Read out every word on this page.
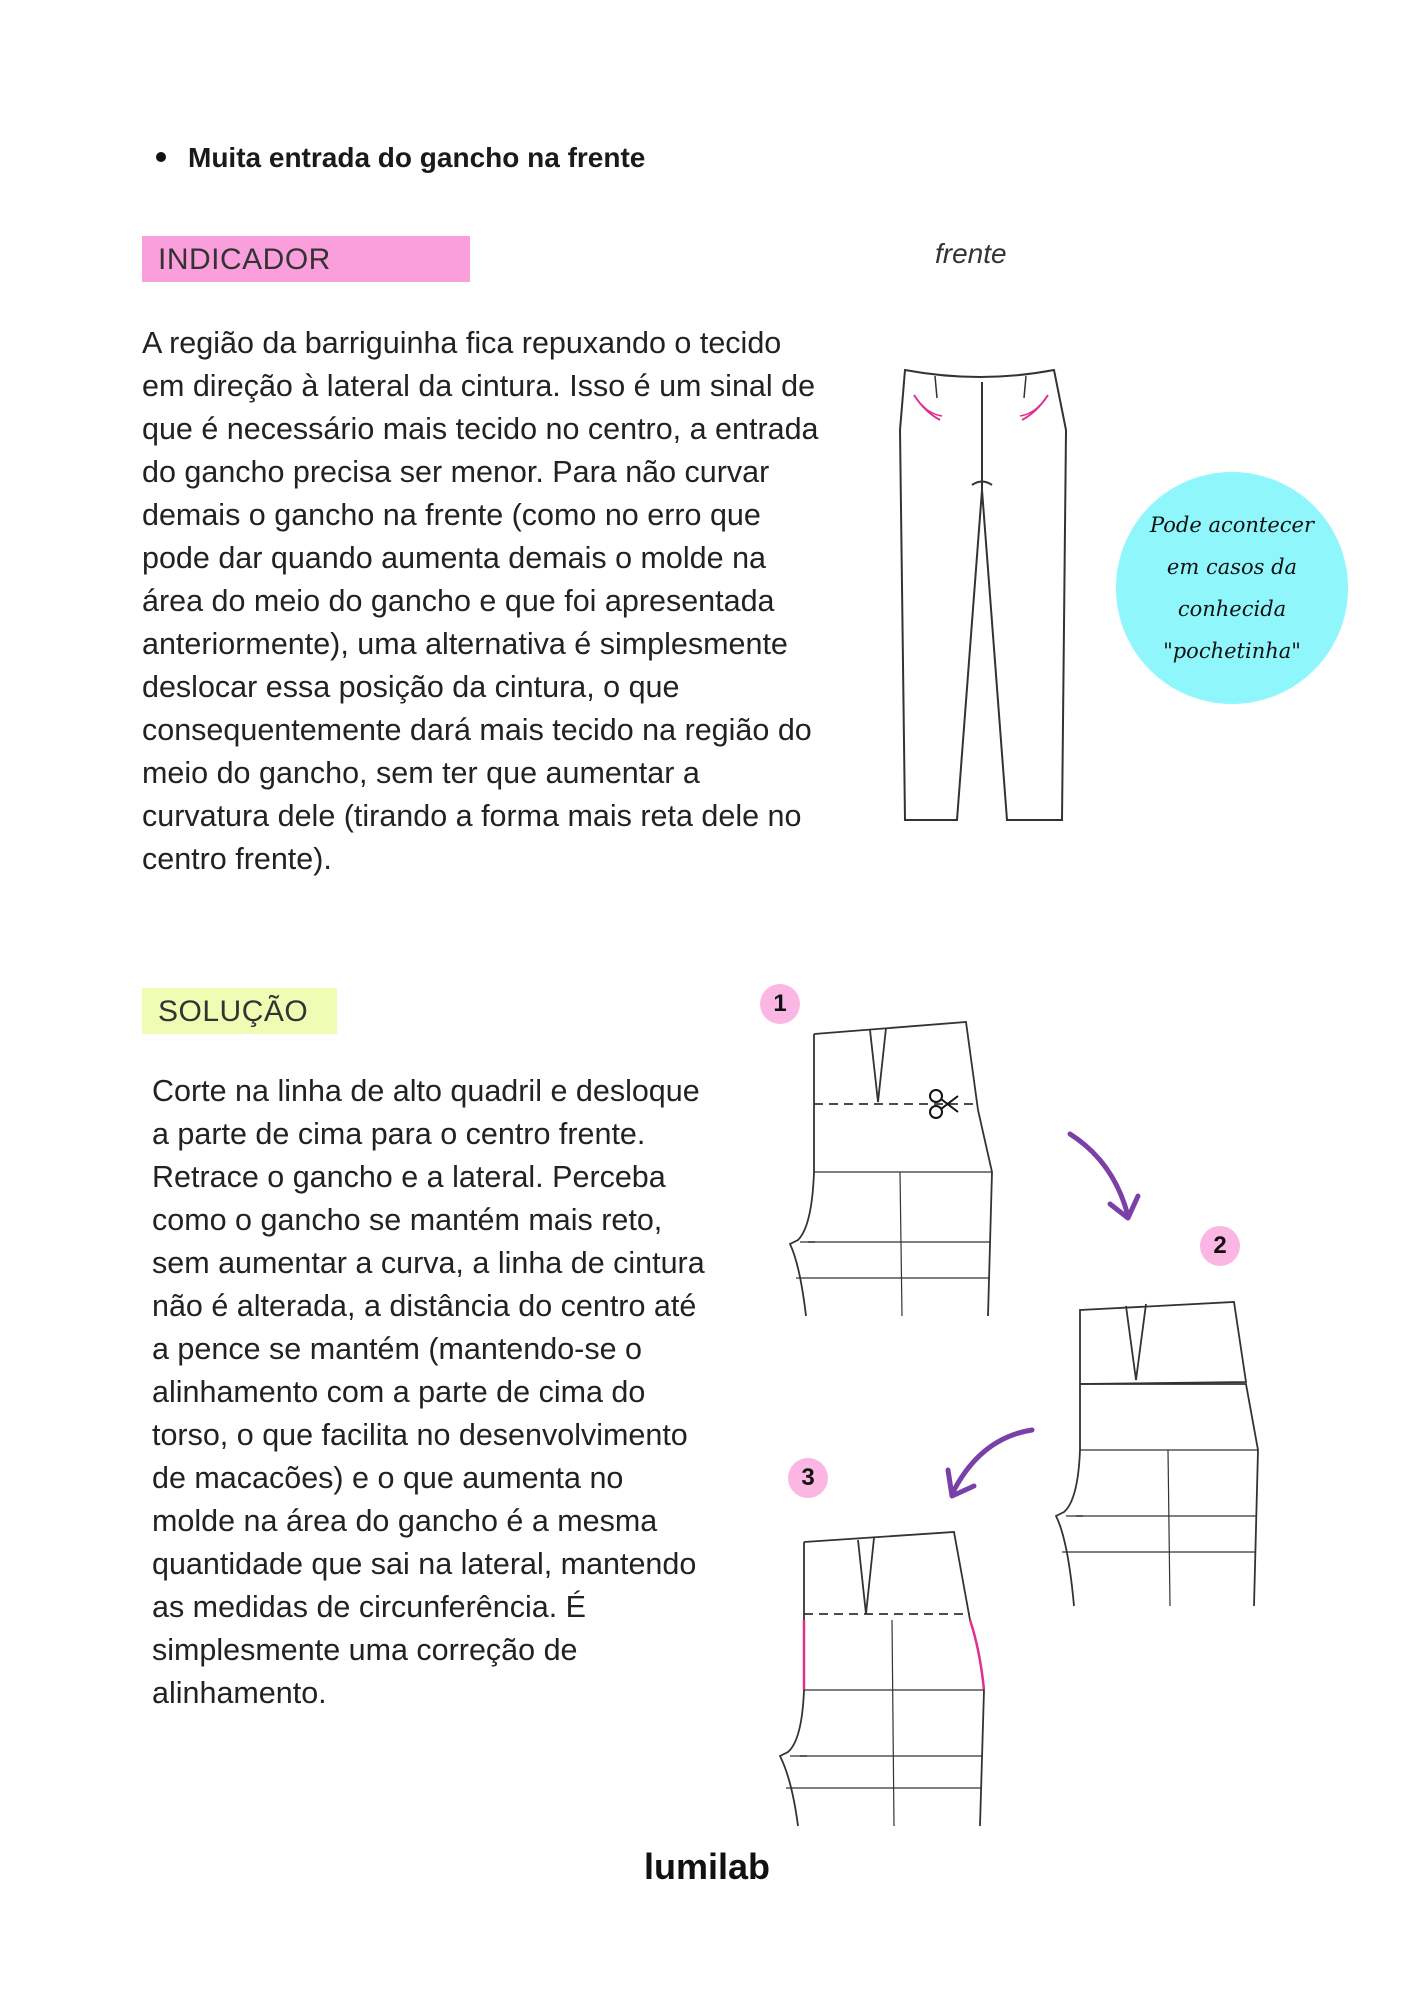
Muita entrada do gancho na frente
INDICADOR
A região da barriguinha fica repuxando o tecido em direção à lateral da cintura. Isso é um sinal de que é necessário mais tecido no centro, a entrada do gancho precisa ser menor. Para não curvar demais o gancho na frente (como no erro que pode dar quando aumenta demais o molde na área do meio do gancho e que foi apresentada anteriormente), uma alternativa é simplesmente deslocar essa posição da cintura, o que consequentemente dará mais tecido na região do meio do gancho, sem ter que aumentar a curvatura dele (tirando a forma mais reta dele no centro frente).
frente
Pode acontecer em casos da conhecida "pochetinha"
SOLUÇÃO
Corte na linha de alto quadril e desloque a parte de cima para o centro frente. Retrace o gancho e a lateral. Perceba como o gancho se mantém mais reto, sem aumentar a curva, a linha de cintura não é alterada, a distância do centro até a pence se mantém (mantendo-se o alinhamento com a parte de cima do torso, o que facilita no desenvolvimento de macacões) e o que aumenta no molde na área do gancho é a mesma quantidade que sai na lateral, mantendo as medidas de circunferência. É simplesmente uma correção de alinhamento.
1
2
3
lumilab
